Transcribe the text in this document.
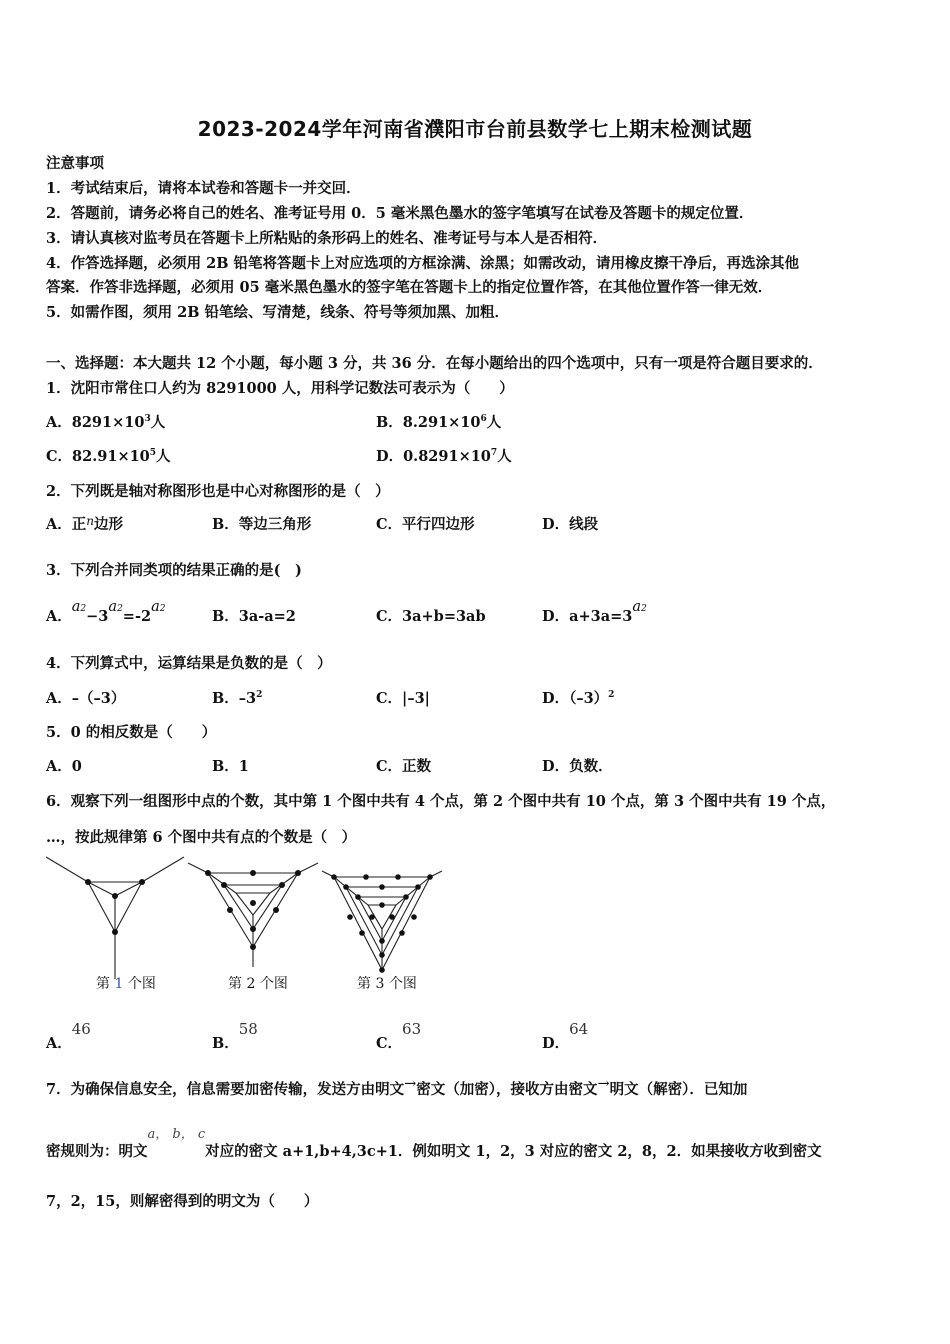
2023-2024学年河南省濮阳市台前县数学七上期末检测试题
注意事项
1．考试结束后，请将本试卷和答题卡一并交回．
2．答题前，请务必将自己的姓名、准考证号用 0．5 毫米黑色墨水的签字笔填写在试卷及答题卡的规定位置．
3．请认真核对监考员在答题卡上所粘贴的条形码上的姓名、准考证号与本人是否相符．
4．作答选择题，必须用 2B 铅笔将答题卡上对应选项的方框涂满、涂黑；如需改动，请用橡皮擦干净后，再选涂其他
答案．作答非选择题，必须用 05 毫米黑色墨水的签字笔在答题卡上的指定位置作答，在其他位置作答一律无效．
5．如需作图，须用 2B 铅笔绘、写清楚，线条、符号等须加黑、加粗．
一、选择题：本大题共 12 个小题，每小题 3 分，共 36 分．在每小题给出的四个选项中，只有一项是符合题目要求的．
1．沈阳市常住口人约为 8291000 人，用科学记数法可表示为（　　）
A．$8291\times 10^3$人	B．$8.291\times 10^6$人
C．$82.91\times 10^5$人	D．$0.8291\times 10^7$人
2．下列既是轴对称图形也是中心对称图形的是（　）
A．正$^n$边形	B．等边三角形	C．平行四边形	D．线段
3．下列合并同类项的结果正确的是(　)
A．$a^2-3a^2=-2a^2$	B．3a-a=2	C．3a+b=3ab	D．$a+3a=3a^2$
4．下列算式中，运算结果是负数的是（　）
A．–（–3）	B．$-3^2$	C．|–3|	D．$(-3)^2$
5．0 的相反数是（　　）
A．0	B．1	C．正数	D．负数．
6．观察下列一组图形中点的个数，其中第 1 个图中共有 4 个点，第 2 个图中共有 10 个点，第 3 个图中共有 19 个点，
…，按此规律第 6 个图中共有点的个数是（　）
第 1 个图	第 2 个图	第 3 个图
A．46
B．58
C．63
D．64
7．为确保信息安全，信息需要加密传输，发送方由明文→密文（加密），接收方由密文→明文（解密）．已知加
密规则为：明文a， b， c对应的密文 a+1,b+4,3c+1．例如明文 1，2，3 对应的密文 2，8，2．如果接收方收到密文
7，2，15，则解密得到的明文为（　　）
